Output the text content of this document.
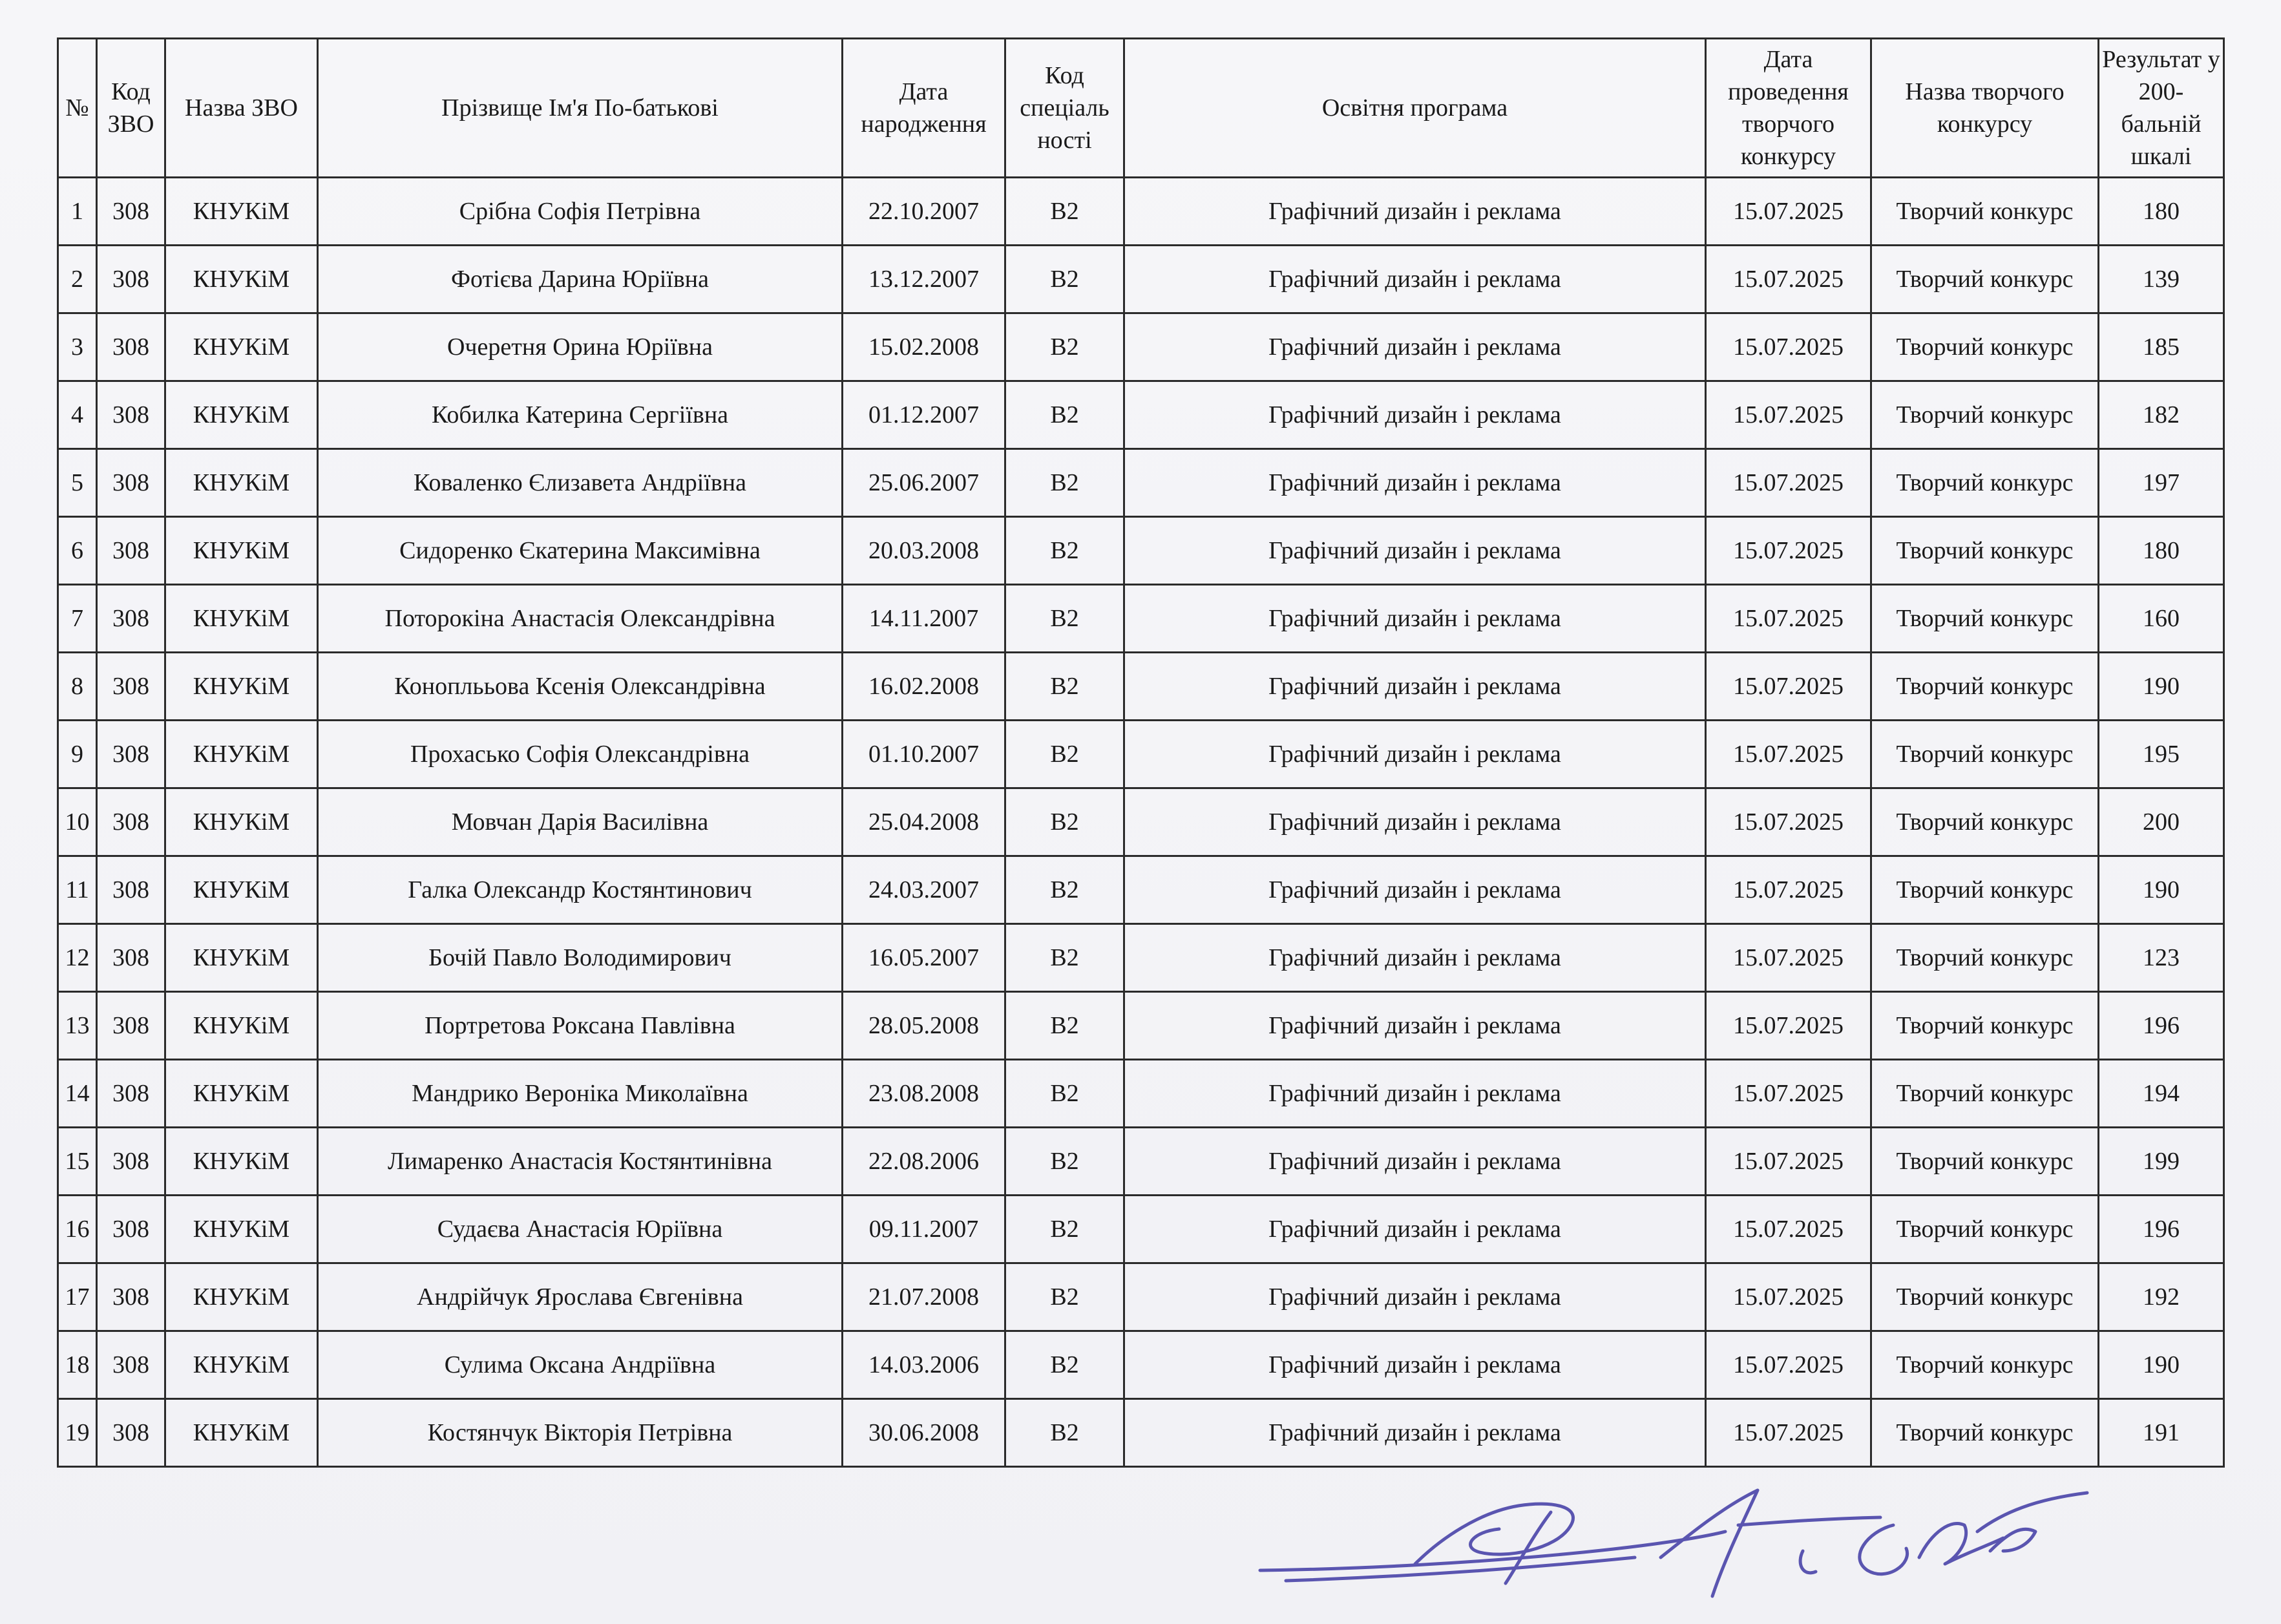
№	Код ЗВО	Назва ЗВО	Прізвище Ім'я По-батькові	Дата народження	Код спеціаль ності	Освітня програма	Дата проведення творчого конкурсу	Назва творчого конкурсу	Результат у 200-бальній шкалі
1	308	КНУКіМ	Срібна Софія Петрівна	22.10.2007	В2	Графічний дизайн і реклама	15.07.2025	Творчий конкурс	180
2	308	КНУКіМ	Фотієва Дарина Юріївна	13.12.2007	В2	Графічний дизайн і реклама	15.07.2025	Творчий конкурс	139
3	308	КНУКіМ	Очеретня Орина Юріївна	15.02.2008	В2	Графічний дизайн і реклама	15.07.2025	Творчий конкурс	185
4	308	КНУКіМ	Кобилка Катерина Сергіївна	01.12.2007	В2	Графічний дизайн і реклама	15.07.2025	Творчий конкурс	182
5	308	КНУКіМ	Коваленко Єлизавета Андріївна	25.06.2007	В2	Графічний дизайн і реклама	15.07.2025	Творчий конкурс	197
6	308	КНУКіМ	Сидоренко Єкатерина Максимівна	20.03.2008	В2	Графічний дизайн і реклама	15.07.2025	Творчий конкурс	180
7	308	КНУКіМ	Поторокіна Анастасія Олександрівна	14.11.2007	В2	Графічний дизайн і реклама	15.07.2025	Творчий конкурс	160
8	308	КНУКіМ	Коноплььова Ксенія Олександрівна	16.02.2008	В2	Графічний дизайн і реклама	15.07.2025	Творчий конкурс	190
9	308	КНУКіМ	Прохасько Софія Олександрівна	01.10.2007	В2	Графічний дизайн і реклама	15.07.2025	Творчий конкурс	195
10	308	КНУКіМ	Мовчан Дарія Василівна	25.04.2008	В2	Графічний дизайн і реклама	15.07.2025	Творчий конкурс	200
11	308	КНУКіМ	Галка Олександр Костянтинович	24.03.2007	В2	Графічний дизайн і реклама	15.07.2025	Творчий конкурс	190
12	308	КНУКіМ	Бочій Павло Володимирович	16.05.2007	В2	Графічний дизайн і реклама	15.07.2025	Творчий конкурс	123
13	308	КНУКіМ	Портретова Роксана Павлівна	28.05.2008	В2	Графічний дизайн і реклама	15.07.2025	Творчий конкурс	196
14	308	КНУКіМ	Мандрико Вероніка Миколаївна	23.08.2008	В2	Графічний дизайн і реклама	15.07.2025	Творчий конкурс	194
15	308	КНУКіМ	Лимаренко Анастасія Костянтинівна	22.08.2006	В2	Графічний дизайн і реклама	15.07.2025	Творчий конкурс	199
16	308	КНУКіМ	Судаєва Анастасія Юріївна	09.11.2007	В2	Графічний дизайн і реклама	15.07.2025	Творчий конкурс	196
17	308	КНУКіМ	Андрійчук Ярослава Євгенівна	21.07.2008	В2	Графічний дизайн і реклама	15.07.2025	Творчий конкурс	192
18	308	КНУКіМ	Сулима Оксана Андріївна	14.03.2006	В2	Графічний дизайн і реклама	15.07.2025	Творчий конкурс	190
19	308	КНУКіМ	Костянчук Вікторія Петрівна	30.06.2008	В2	Графічний дизайн і реклама	15.07.2025	Творчий конкурс	191
